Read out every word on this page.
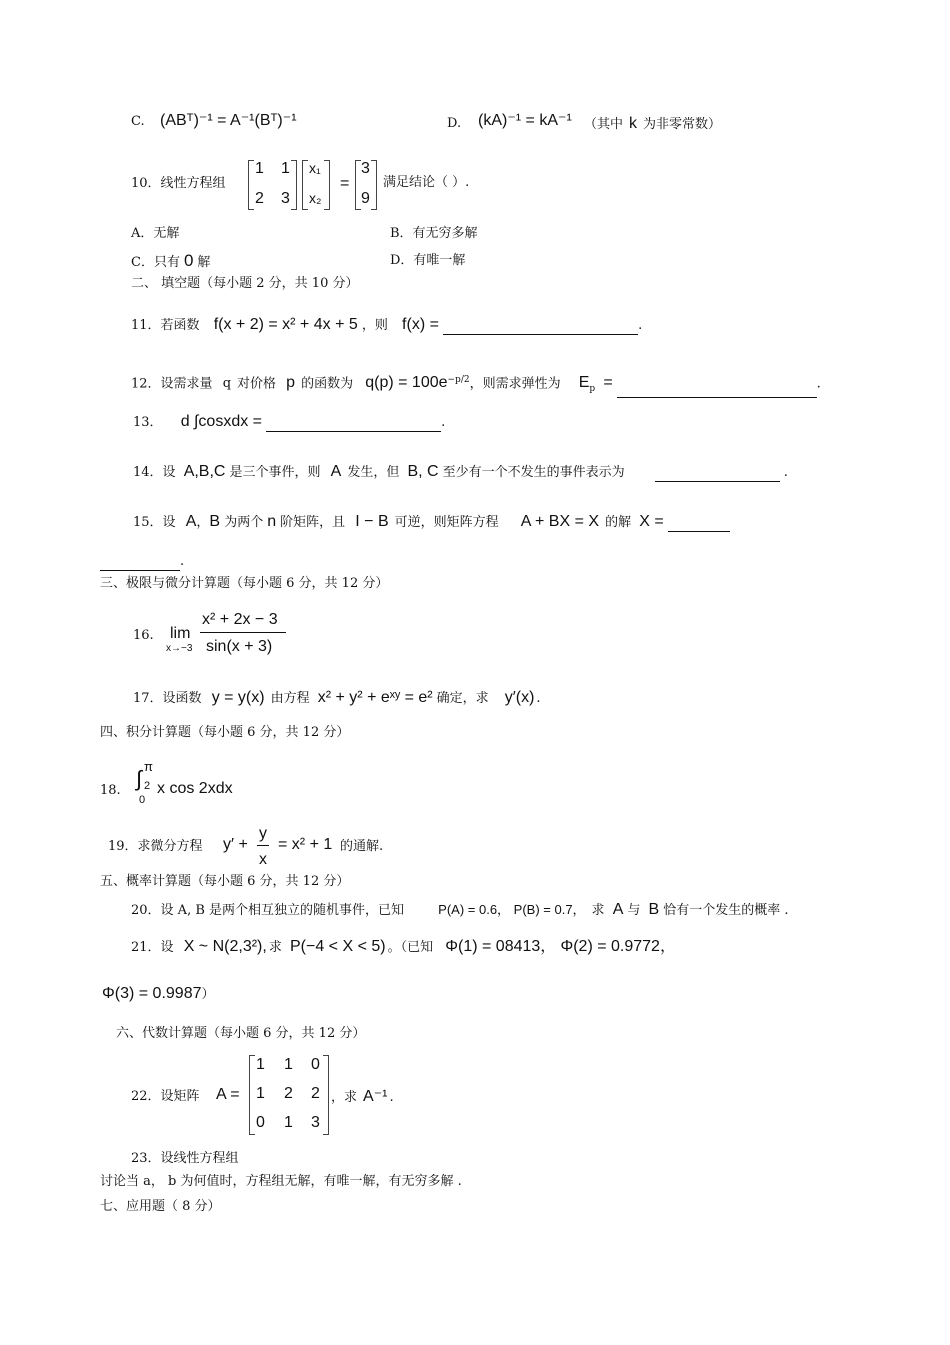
C. (ABᵀ)⁻¹ = A⁻¹(Bᵀ)⁻¹	D. (kA)⁻¹ = kA⁻¹ （其中 k 为非零常数）
10．线性方程组
1 1
2 3
x₁
x₂
=
3
9
满足结论（ ）.
A．无解	B．有无穷多解
C．只有 0 解	D．有唯一解
二、 填空题（每小题 2 分，共 10 分）
11．若函数 f(x + 2) = x² + 4x + 5 ，则 f(x) =	.
12．设需求量 q 对价格 p 的函数为 $q(p) = 100e^{-p/2}$，则需求弹性为 $E_p$ =	.
13． d ∫cosxdx =	.
14．设 A,B,C 是三个事件，则 A 发生，但 B, C 至少有一个不发生的事件表示为	.
15．设 A，B 为两个 n 阶矩阵，且 I − B 可逆，则矩阵方程 A + BX = X 的解 X =
.
三、极限与微分计算题（每小题 6 分，共 12 分）
16. lim
x→−3
x² + 2x − 3
sin(x + 3)
17．设函数 y = y(x) 由方程 x² + y² + eˣʸ = e² 确定，求 y′(x) .
四、积分计算题（每小题 6 分，共 12 分）
18.
π
∫ 2
0
x cos 2xdx
19．求微分方程 y′ +
y
x
= x² + 1 的通解.
五、概率计算题（每小题 6 分，共 12 分）
20．设 A, B 是两个相互独立的随机事件，已知	P(A) = 0.6， P(B) = 0.7， 求 A 与 B 恰有一个发生的概率 .
21．设 X ~ N(2,3²), 求 P(−4 < X < 5) 。（已知 Φ(1) = 08413， Φ(2) = 0.9772，
Φ(3) = 0.9987）
六、代数计算题（每小题 6 分，共 12 分）
22．设矩阵 A =
1 1 0
1 2 2
0 1 3
，求 A⁻¹ .
23．设线性方程组
讨论当 a， b 为何值时，方程组无解，有唯一解，有无穷多解 .
七、应用题（ 8 分）
